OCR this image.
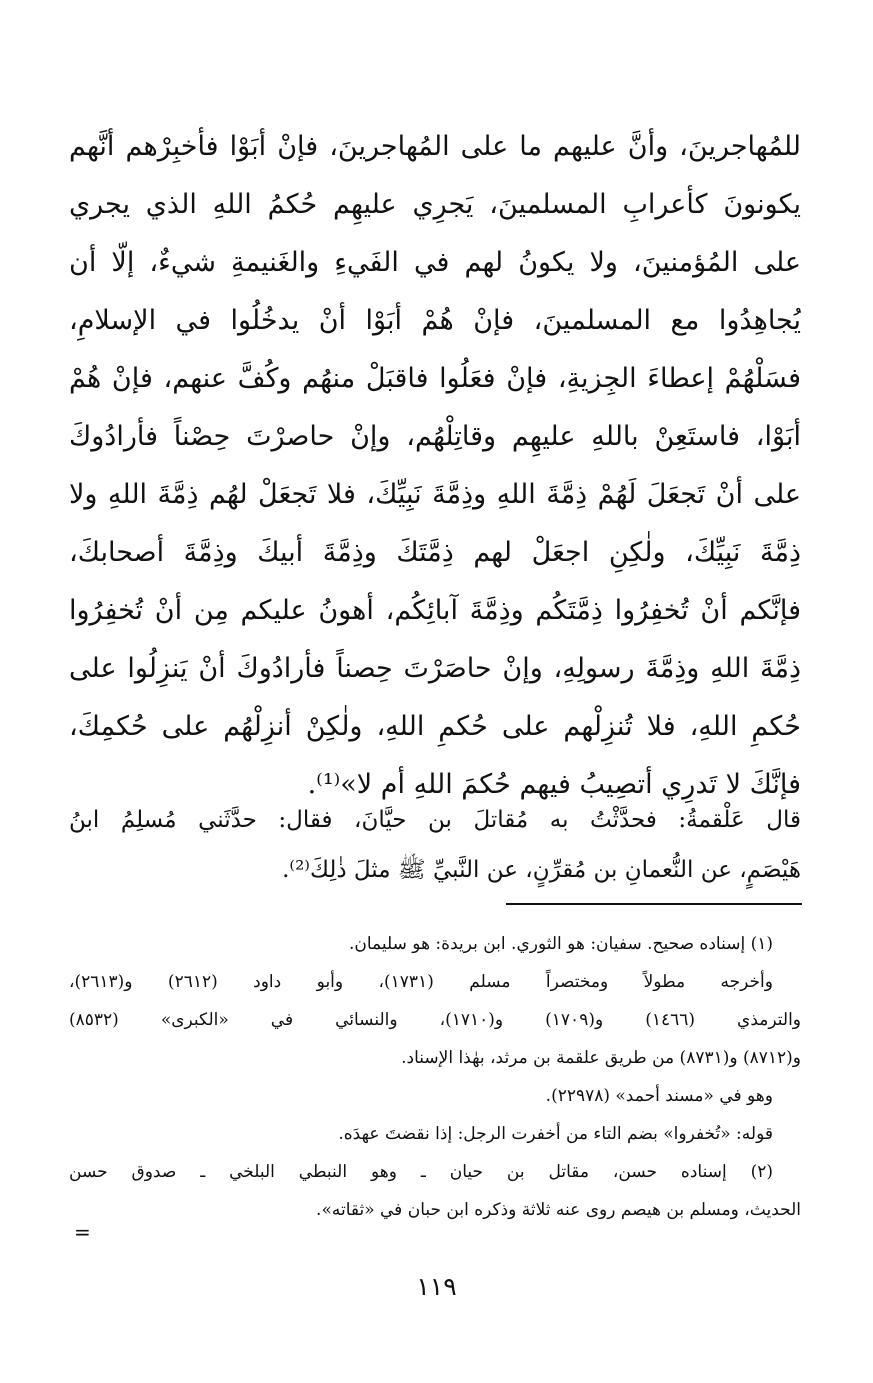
للمُهاجرينَ، وأنَّ عليهم ما على المُهاجرينَ، فإنْ أبَوْا فأخبِرْهم أنَّهم
يكونونَ كأعرابِ المسلمينَ، يَجرِي عليهِم حُكمُ اللهِ الذي يجري
على المُؤمنينَ، ولا يكونُ لهم في الفَيءِ والغَنيمةِ شيءٌ، إلّا أن
يُجاهِدُوا مع المسلمينَ، فإنْ هُمْ أبَوْا أنْ يدخُلُوا في الإسلامِ،
فسَلْهُمْ إعطاءَ الجِزيةِ، فإنْ فعَلُوا فاقبَلْ منهُم وكُفَّ عنهم، فإنْ هُمْ
أبَوْا، فاستَعِنْ باللهِ عليهِم وقاتِلْهُم، وإنْ حاصرْتَ حِصْناً فأرادُوكَ
على أنْ تَجعَلَ لَهُمْ ذِمَّةَ اللهِ وذِمَّةَ نَبِيِّكَ، فلا تَجعَلْ لهُم ذِمَّةَ اللهِ ولا
ذِمَّةَ نَبِيِّكَ، ولٰكِنِ اجعَلْ لهم ذِمَّتَكَ وذِمَّةَ أبيكَ وذِمَّةَ أصحابكَ،
فإنَّكم أنْ تُخفِرُوا ذِمَّتَكُم وذِمَّةَ آبائِكُم، أهونُ عليكم مِن أنْ تُخفِرُوا
ذِمَّةَ اللهِ وذِمَّةَ رسولِهِ، وإنْ حاصَرْتَ حِصناً فأرادُوكَ أنْ يَنزِلُوا على
حُكمِ اللهِ، فلا تُنزِلْهم على حُكمِ اللهِ، ولٰكِنْ أنزِلْهُم على حُكمِكَ،
فإنَّكَ لا تَدرِي أتصِيبُ فيهم حُكمَ اللهِ أم لا»⁽¹⁾.
قال عَلْقمةُ: فحدَّثْتُ به مُقاتلَ بن حيَّانَ، فقال: حدَّثَني مُسلِمُ ابنُ
هَيْصَمٍ، عن النُّعمانِ بن مُقرِّنٍ، عن النَّبيِّ ﷺ مثلَ ذٰلِكَ⁽²⁾.
(١) إسناده صحيح. سفيان: هو الثوري. ابن بريدة: هو سليمان.
وأخرجه مطولاً ومختصراً مسلم (١٧٣١)، وأبو داود (٢٦١٢) و(٢٦١٣)،
والترمذي (١٤٦٦) و(١٧٠٩) و(١٧١٠)، والنسائي في «الكبرى» (٨٥٣٢)
و(٨٧١٢) و(٨٧٣١) من طريق علقمة بن مرثد، بهٰذا الإسناد.
وهو في «مسند أحمد» (٢٢٩٧٨).
قوله: «تُخفروا» بضم التاء من أخفرت الرجل: إذا نقضتَ عهدَه.
(٢) إسناده حسن، مقاتل بن حيان ـ وهو النبطي البلخي ـ صدوق حسن
الحديث، ومسلم بن هيصم روى عنه ثلاثة وذكره ابن حبان في «ثقاته».
=
١١٩
